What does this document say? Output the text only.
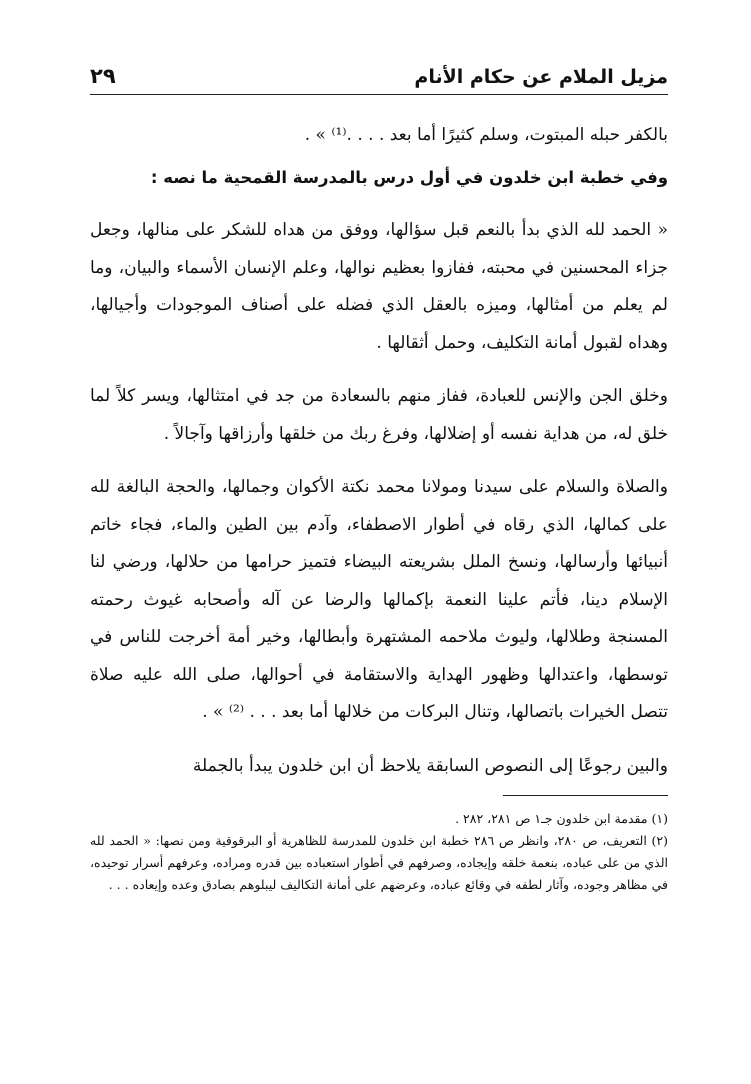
مزيل الملام عن حكام الأنام
٢٩

بالكفر حبله المبتوت، وسلم كثيرًا أما بعد . . . .⁽¹⁾ » .

وفي خطبة ابن خلدون في أول درس بالمدرسة القمحية ما نصه :

« الحمد لله الذي بدأ بالنعم قبل سؤالها، ووفق من هداه للشكر على منالها، وجعل جزاء المحسنين في محبته، ففازوا بعظيم نوالها، وعلم الإنسان الأسماء والبيان، وما لم يعلم من أمثالها، وميزه بالعقل الذي فضله على أصناف الموجودات وأجيالها، وهداه لقبول أمانة التكليف، وحمل أثقالها .

وخلق الجن والإنس للعبادة، ففاز منهم بالسعادة من جد في امتثالها، ويسر كلاً لما خلق له، من هداية نفسه أو إضلالها، وفرغ ربك من خلقها وأرزاقها وآجالاً .

والصلاة والسلام على سيدنا ومولانا محمد نكتة الأكوان وجمالها، والحجة البالغة لله على كمالها، الذي رقاه في أطوار الاصطفاء، وآدم بين الطين والماء، فجاء خاتم أنبيائها وأرسالها، ونسخ الملل بشريعته البيضاء فتميز حرامها من حلالها، ورضي لنا الإسلام دينا، فأتم علينا النعمة بإكمالها والرضا عن آله وأصحابه غيوث رحمته المسنجة وطلالها، وليوث ملاحمه المشتهرة وأبطالها، وخير أمة أخرجت للناس في توسطها، واعتدالها وظهور الهداية والاستقامة في أحوالها، صلى الله عليه صلاة تتصل الخيرات باتصالها، وتنال البركات من خلالها أما بعد . . . ⁽²⁾ » .

والبين رجوعًا إلى النصوص السابقة يلاحظ أن ابن خلدون يبدأ بالجملة

(١) مقدمة ابن خلدون جـ١ ص ٢٨١، ٢٨٢ .

(٢) التعريف، ص ٢٨٠، وانظر ص ٢٨٦ خطبة ابن خلدون للمدرسة للظاهرية أو البرقوقية ومن نصها: « الحمد لله الذي من على عباده، بنعمة خلقه وإيجاده، وصرفهم في أطوار استعباده بين قدره ومراده، وعرفهم أسرار توحيده، في مظاهر وجوده، وآثار لطفه في وقائع عباده، وعرضهم على أمانة التكاليف ليبلوهم بصادق وعده وإيعاده . . .
